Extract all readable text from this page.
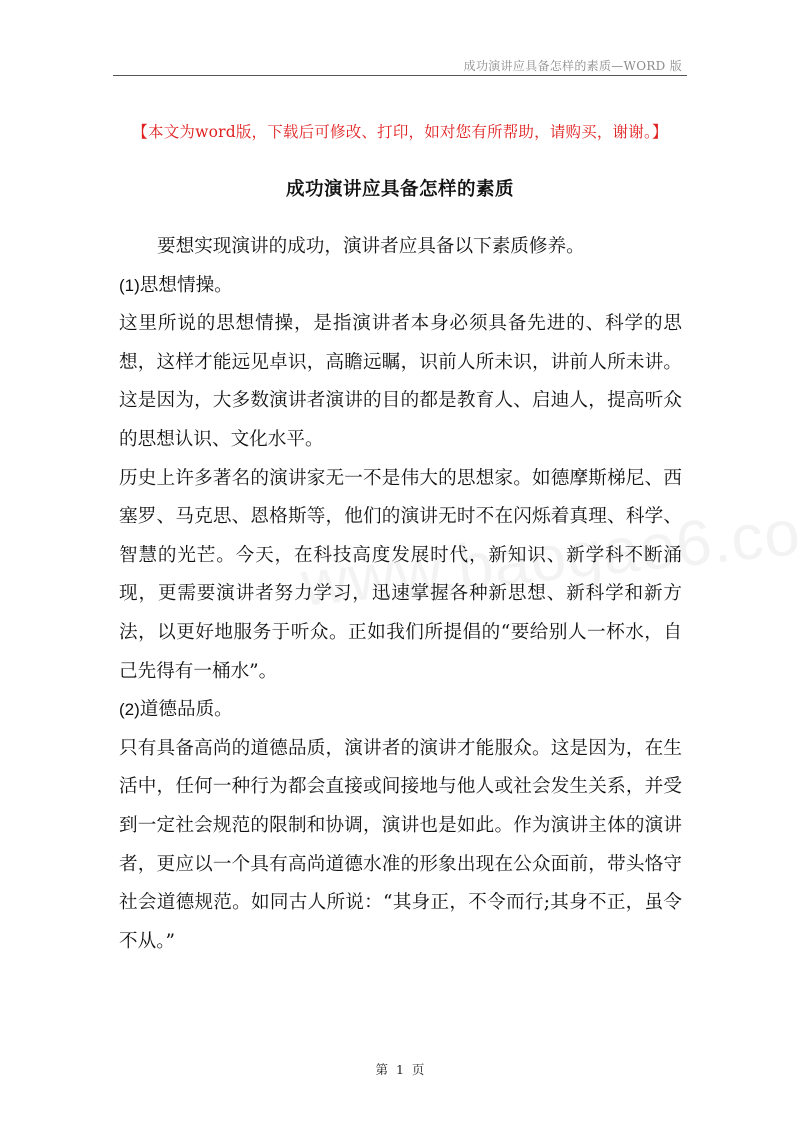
成功演讲应具备怎样的素质—WORD 版
【本文为word版，下载后可修改、打印，如对您有所帮助，请购买，谢谢。】
成功演讲应具备怎样的素质

要想实现演讲的成功，演讲者应具备以下素质修养。

(1)思想情操。

这里所说的思想情操，是指演讲者本身必须具备先进的、科学的思想，这样才能远见卓识，高瞻远瞩，识前人所未识，讲前人所未讲。这是因为，大多数演讲者演讲的目的都是教育人、启迪人，提高听众的思想认识、文化水平。

历史上许多著名的演讲家无一不是伟大的思想家。如德摩斯梯尼、西塞罗、马克思、恩格斯等，他们的演讲无时不在闪烁着真理、科学、智慧的光芒。今天，在科技高度发展时代，新知识、新学科不断涌现，更需要演讲者努力学习，迅速掌握各种新思想、新科学和新方法，以更好地服务于听众。正如我们所提倡的“要给别人一杯水，自己先得有一桶水”。

(2)道德品质。

只有具备高尚的道德品质，演讲者的演讲才能服众。这是因为，在生活中，任何一种行为都会直接或间接地与他人或社会发生关系，并受到一定社会规范的限制和协调，演讲也是如此。作为演讲主体的演讲者，更应以一个具有高尚道德水准的形象出现在公众面前，带头恪守社会道德规范。如同古人所说：“其身正，不令而行;其身不正，虽令不从。”

第 1 页
